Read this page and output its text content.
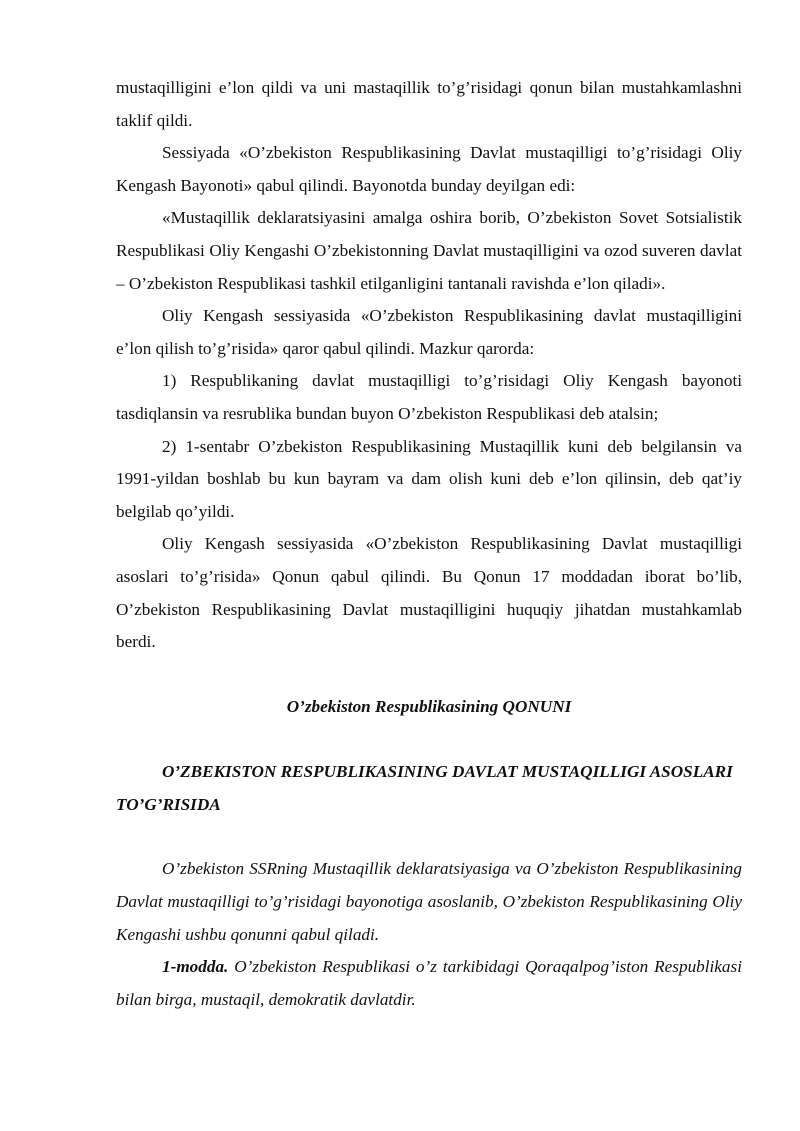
mustaqilligini e’lon qildi va uni mastaqillik to’g’risidagi qonun bilan mustahkamlashni taklif qildi.

Sessiyada «O’zbekiston Respublikasining Davlat mustaqilligi to’g’risidagi Oliy Kengash Bayonoti» qabul qilindi. Bayonotda bunday deyilgan edi:

«Mustaqillik deklaratsiyasini amalga oshira borib, O’zbekiston Sovet Sotsialistik Respublikasi Oliy Kengashi O’zbekistonning Davlat mustaqilligini va ozod suveren davlat – O’zbekiston Respublikasi tashkil etilganligini tantanali ravishda e’lon qiladi».

Oliy Kengash sessiyasida «O’zbekiston Respublikasining davlat mustaqilligini e’lon qilish to’g’risida» qaror qabul qilindi. Mazkur qarorda:

1) Respublikaning davlat mustaqilligi to’g’risidagi Oliy Kengash bayonoti tasdiqlansin va resrublika bundan buyon O’zbekiston Respublikasi deb atalsin;

2) 1-sentabr O’zbekiston Respublikasining Mustaqillik kuni deb belgilansin va 1991-yildan boshlab bu kun bayram va dam olish kuni deb e’lon qilinsin, deb qat’iy belgilab qo’yildi.

Oliy Kengash sessiyasida «O’zbekiston Respublikasining Davlat mustaqilligi asoslari to’g’risida» Qonun qabul qilindi. Bu Qonun 17 moddadan iborat bo’lib, O’zbekiston Respublikasining Davlat mustaqilligini huquqiy jihatdan mustahkamlab berdi.

O’zbekiston Respublikasining QONUNI

O’ZBEKISTON RESPUBLIKASINING DAVLAT MUSTAQILLIGI ASOSLARI TO’G’RISIDA

O’zbekiston SSRning Mustaqillik deklaratsiyasiga va O’zbekiston Respublikasining Davlat mustaqilligi to’g’risidagi bayonotiga asoslanib, O’zbekiston Respublikasining Oliy Kengashi ushbu qonunni qabul qiladi.

1-modda. O’zbekiston Respublikasi o’z tarkibidagi Qoraqalpog’iston Respublikasi bilan birga, mustaqil, demokratik davlatdir.
